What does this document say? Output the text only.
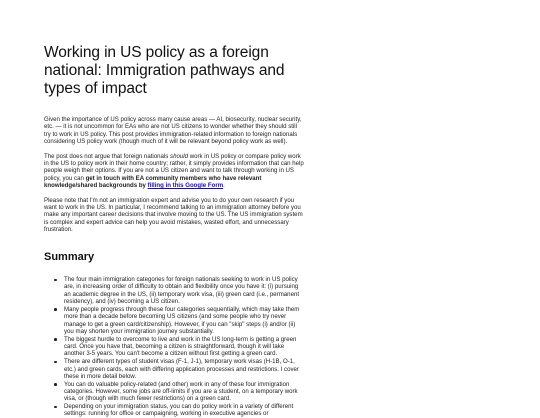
Working in US policy as a foreign national: Immigration pathways and types of impact

Given the importance of US policy across many cause areas — AI, biosecurity, nuclear security, etc. — it is not uncommon for EAs who are not US citizens to wonder whether they should still try to work in US policy. This post provides immigration-related information to foreign nationals considering US policy work (though much of it will be relevant beyond policy work as well).

The post does not argue that foreign nationals should work in US policy or compare policy work in the US to policy work in their home country; rather, it simply provides information that can help people weigh their options. If you are not a US citizen and want to talk through working in US policy, you can get in touch with EA community members who have relevant knowledge/shared backgrounds by filling in this Google Form.

Please note that I'm not an immigration expert and advise you to do your own research if you want to work in the US. In particular, I recommend talking to an immigration attorney before you make any important career decisions that involve moving to the US. The US immigration system is complex and expert advice can help you avoid mistakes, wasted effort, and unnecessary frustration.

Summary
The four main immigration categories for foreign nationals seeking to work in US policy are, in increasing order of difficulty to obtain and flexibility once you have it: (i) pursuing an academic degree in the US, (ii) temporary work visa, (iii) green card (i.e., permanent residency), and (iv) becoming a US citizen.
Many people progress through these four categories sequentially, which may take them more than a decade before becoming US citizens (and some people who try never manage to get a green card/citizenship). However, if you can "skip" steps (i) and/or (ii) you may shorten your immigration journey substantially.
The biggest hurdle to overcome to live and work in the US long-term is getting a green card. Once you have that, becoming a citizen is straightforward, though it will take another 3-5 years. You can't become a citizen without first getting a green card.
There are different types of student visas (F-1, J-1), temporary work visas (H-1B, O-1, etc.) and green cards, each with differing application processes and restrictions. I cover these in more detail below.
You can do valuable policy-related (and other) work in any of these four immigration categories. However, some jobs are off-limits if you are a student, on a temporary work visa, or (though with much fewer restrictions) on a green card.
Depending on your immigration status, you can do policy work in a variety of different settings: running for office or campaigning, working in executive agencies or
